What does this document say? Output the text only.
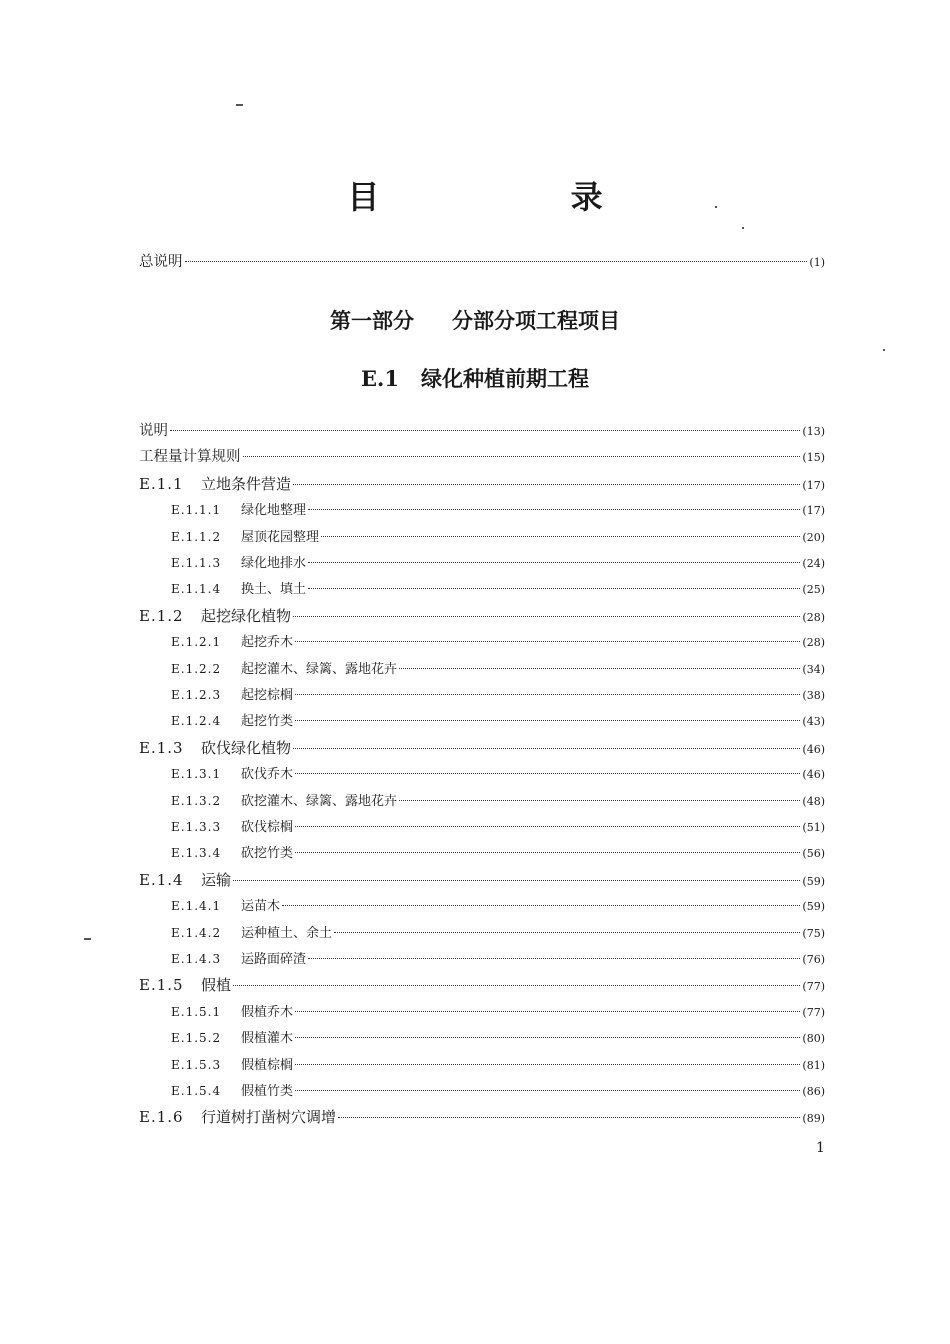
目 录
总说明	(1)
第一部分 分部分项工程项目
E.1 绿化种植前期工程
说明	(13)
工程量计算规则	(15)
E.1.1	立地条件营造	(17)
E.1.1.1	绿化地整理	(17)
E.1.1.2	屋顶花园整理	(20)
E.1.1.3	绿化地排水	(24)
E.1.1.4	换土、填土	(25)
E.1.2	起挖绿化植物	(28)
E.1.2.1	起挖乔木	(28)
E.1.2.2	起挖灌木、绿篱、露地花卉	(34)
E.1.2.3	起挖棕榈	(38)
E.1.2.4	起挖竹类	(43)
E.1.3	砍伐绿化植物	(46)
E.1.3.1	砍伐乔木	(46)
E.1.3.2	砍挖灌木、绿篱、露地花卉	(48)
E.1.3.3	砍伐棕榈	(51)
E.1.3.4	砍挖竹类	(56)
E.1.4	运输	(59)
E.1.4.1	运苗木	(59)
E.1.4.2	运种植土、余土	(75)
E.1.4.3	运路面碎渣	(76)
E.1.5	假植	(77)
E.1.5.1	假植乔木	(77)
E.1.5.2	假植灌木	(80)
E.1.5.3	假植棕榈	(81)
E.1.5.4	假植竹类	(86)
E.1.6	行道树打凿树穴调增	(89)
1
